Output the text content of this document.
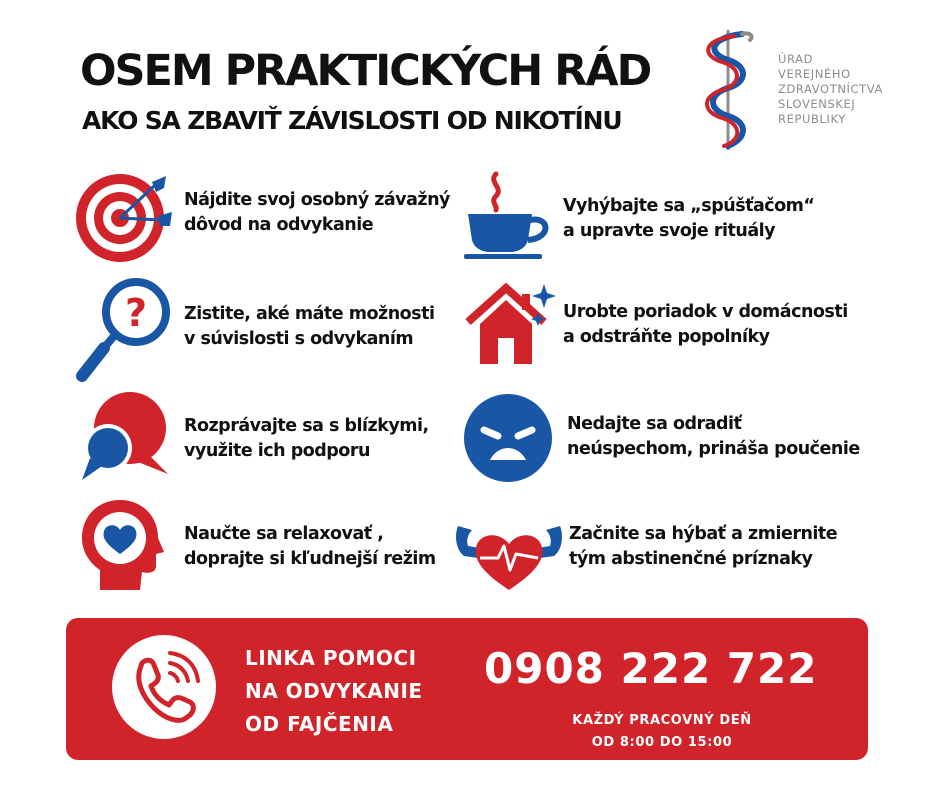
OSEM PRAKTICKÝCH RÁD
AKO SA ZBAVIŤ ZÁVISLOSTI OD NIKOTÍNU
ÚRAD
VEREJNÉHO
ZDRAVOTNÍCTVA
SLOVENSKEJ
REPUBLIKY
Nájdite svoj osobný závažný
dôvod na odvykanie
Vyhýbajte sa „spúšťačom“
a upravte svoje rituály
? Zistite, aké máte možnosti
v súvislosti s odvykaním
Urobte poriadok v domácnosti
a odstráňte popolníky
Rozprávajte sa s blízkymi,
využite ich podporu
Nedajte sa odradiť
neúspechom, prináša poučenie
Naučte sa relaxovať ,
doprajte si kľudnejší režim
Začnite sa hýbať a zmiernite
tým abstinenčné príznaky
LINKA POMOCI
NA ODVYKANIE
OD FAJČENIA
0908 222 722
KAŽDÝ PRACOVNÝ DEŇ
OD 8:00 DO 15:00
